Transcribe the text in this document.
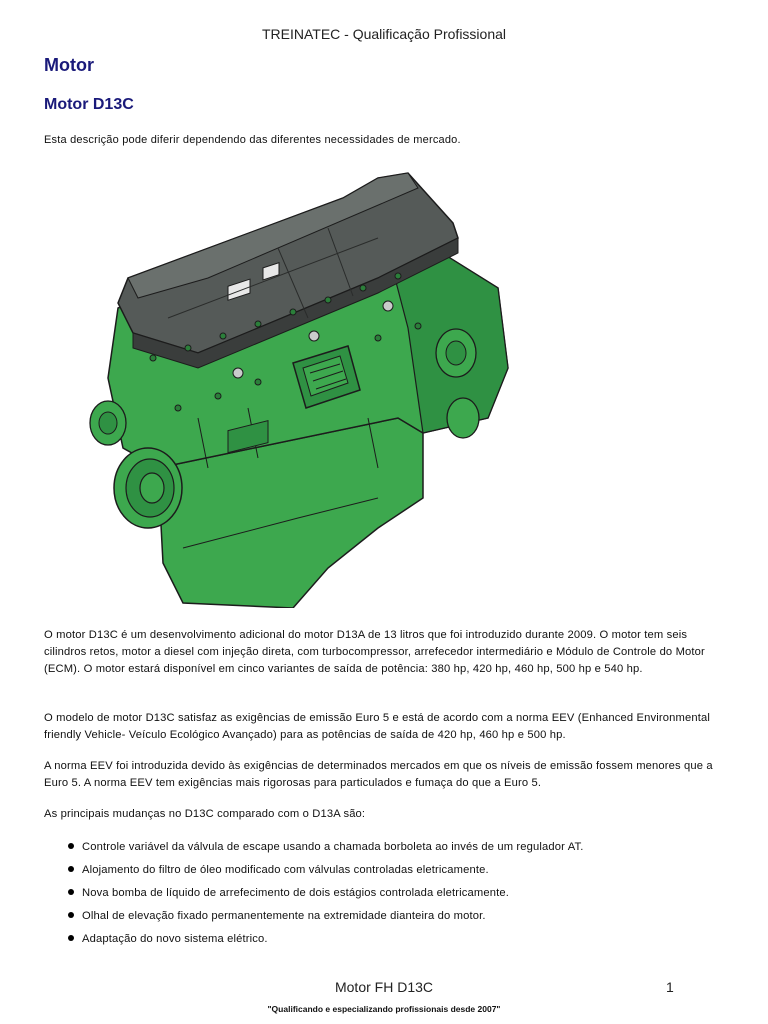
TREINATEC - Qualificação Profissional
Motor
Motor D13C
Esta descrição pode diferir dependendo das diferentes necessidades de mercado.
O motor D13C é um desenvolvimento adicional do motor D13A de 13 litros que foi introduzido durante 2009. O motor tem seis cilindros retos, motor a diesel com injeção direta, com turbocompressor, arrefecedor intermediário e Módulo de Controle do Motor (ECM). O motor estará disponível em cinco variantes de saída de potência: 380 hp, 420 hp, 460 hp, 500 hp e 540 hp.
O modelo de motor D13C satisfaz as exigências de emissão Euro 5 e está de acordo com a norma EEV (Enhanced Environmental friendly Vehicle- Veículo Ecológico Avançado) para as potências de saída de 420 hp, 460 hp e 500 hp.
A norma EEV foi introduzida devido às exigências de determinados mercados em que os níveis de emissão fossem menores que a Euro 5. A norma EEV tem exigências mais rigorosas para particulados e fumaça do que a Euro 5.
As principais mudanças no D13C comparado com o D13A são:
Controle variável da válvula de escape usando a chamada borboleta ao invés de um regulador AT.
Alojamento do filtro de óleo modificado com válvulas controladas eletricamente.
Nova bomba de líquido de arrefecimento de dois estágios controlada eletricamente.
Olhal de elevação fixado permanentemente na extremidade dianteira do motor.
Adaptação do novo sistema elétrico.
Motor FH D13C	1
"Qualificando e especializando profissionais desde 2007"
